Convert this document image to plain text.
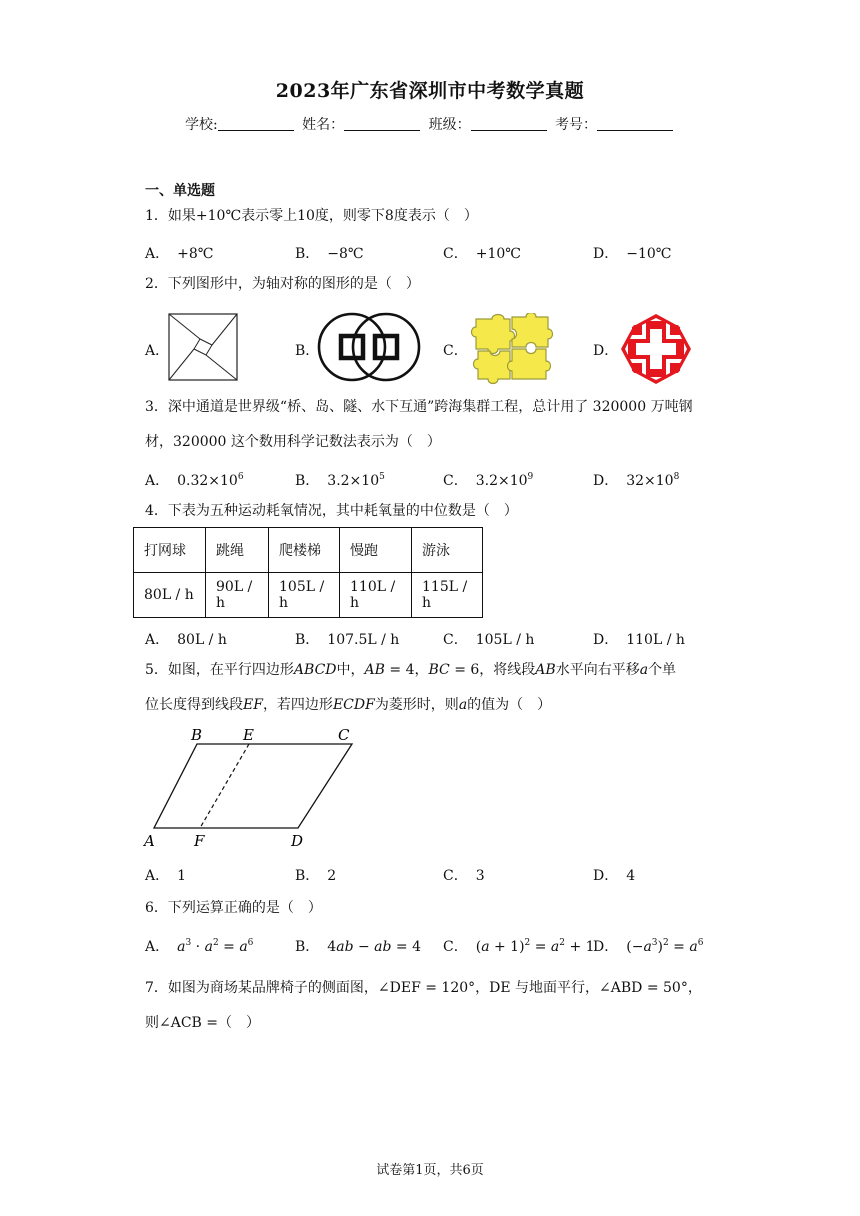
2023年广东省深圳市中考数学真题
学校:	姓名：	班级：	考号：
一、单选题
1．如果+10℃表示零上10度，则零下8度表示（　）
A． +8℃	B． −8℃	C． +10℃	D． −10℃
2．下列图形中，为轴对称的图形的是（　）
A．	B．	C．	D．
3．深中通道是世界级“桥、岛、隧、水下互通”跨海集群工程，总计用了 320000 万吨钢
材，320000 这个数用科学记数法表示为（　）
A． $0.32\times 10^6$	B． $3.2\times 10^5$	C． $3.2\times 10^9$	D． $32\times 10^8$
4．下表为五种运动耗氧情况，其中耗氧量的中位数是（　）
打网球	跳绳	爬楼梯	慢跑	游泳
80L / h	90L / h	105L / h	110L / h	115L / h
A． 80L / h	B． 107.5L / h	C． 105L / h	D． 110L / h
5．如图，在平行四边形ABCD中，AB = 4，BC = 6，将线段AB水平向右平移a个单
位长度得到线段EF，若四边形ECDF为菱形时，则a的值为（　）
B	E	C
A	F	D
A． 1	B． 2	C． 3	D． 4
6．下列运算正确的是（　）
A． $a^3 \cdot a^2 = a^6$	B． 4ab − ab = 4 C． $(a + 1)^2 = a^2 + 1$
D． $(-a^3)^2 = a^6$
7．如图为商场某品牌椅子的侧面图，∠DEF = 120°，DE 与地面平行，∠ABD = 50°，
则∠ACB =（　）
试卷第1页，共6页
